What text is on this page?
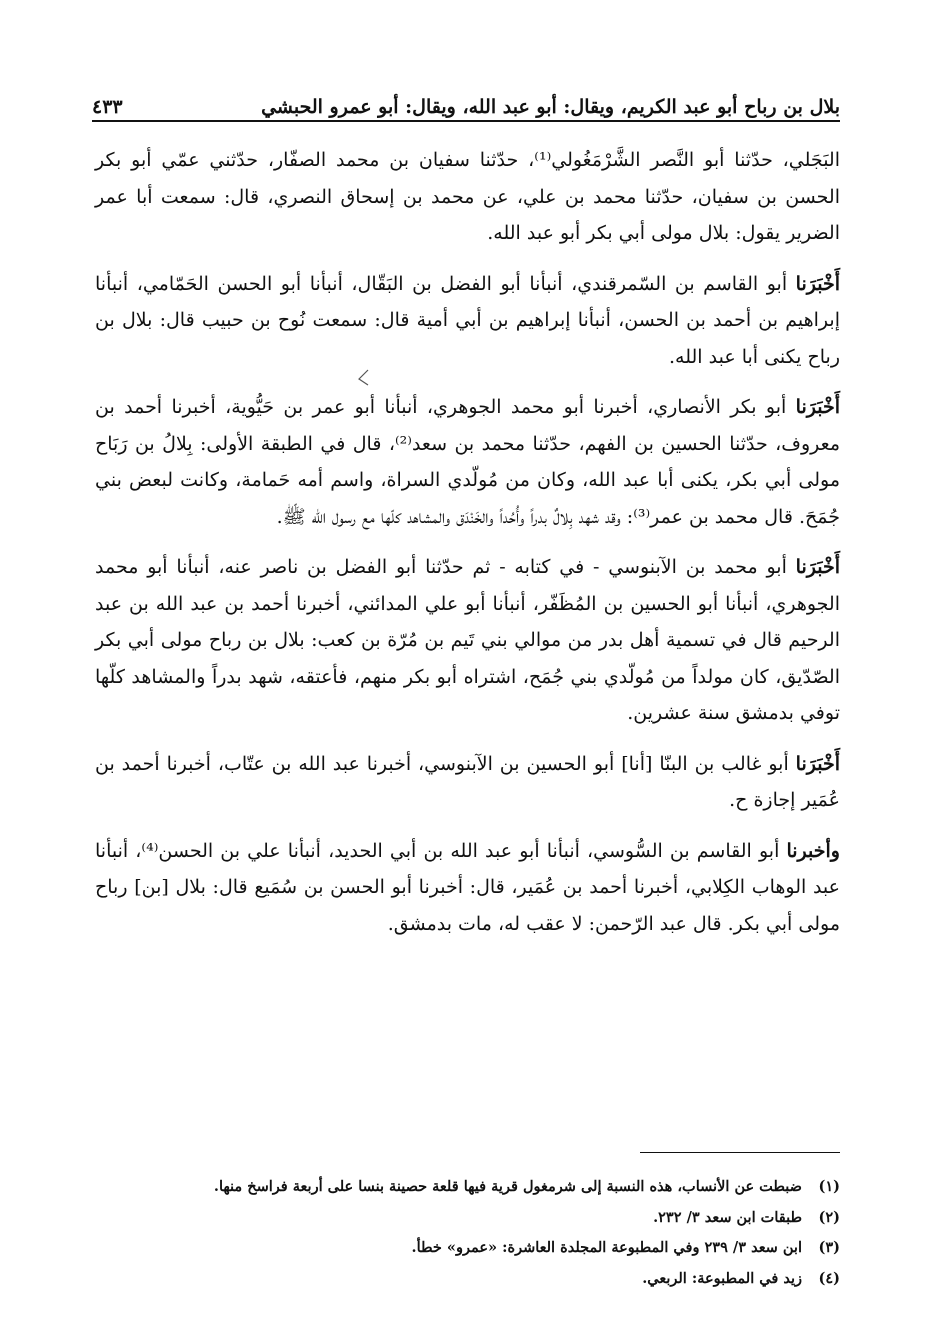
بلال بن رباح أبو عبد الكريم، ويقال: أبو عبد الله، ويقال: أبو عمرو الحبشي
٤٣٣

البَجَلي، حدّثنا أبو النَّصر الشَّرْمَغُولي⁽¹⁾، حدّثنا سفيان بن محمد الصفّار، حدّثني عمّي أبو بكر الحسن بن سفيان، حدّثنا محمد بن علي، عن محمد بن إسحاق النصري، قال: سمعت أبا عمر الضرير يقول: بلال مولى أبي بكر أبو عبد الله.

أَخْبَرَنا أبو القاسم بن السّمرقندي، أنبأنا أبو الفضل بن البَقّال، أنبأنا أبو الحسن الحَمّامي، أنبأنا إبراهيم بن أحمد بن الحسن، أنبأنا إبراهيم بن أبي أمية قال: سمعت نُوح بن حبيب قال: بلال بن رباح يكنى أبا عبد الله.

أَخْبَرَنا أبو بكر الأنصاري، أخبرنا أبو محمد الجوهري، أنبأنا أبو عمر بن حَيُّوية، أخبرنا أحمد بن معروف، حدّثنا الحسين بن الفهم، حدّثنا محمد بن سعد⁽²⁾، قال في الطبقة الأولى: بِلالُ بن رَبَاح مولى أبي بكر، يكنى أبا عبد الله، وكان من مُولّدي السراة، واسم أمه حَمامة، وكانت لبعض بني جُمَحَ. قال محمد بن عمر⁽³⁾: وقد شهد بِلالٌ بدراً وأُحُداً والخَنْدَق والمشاهد كلّها مع رسول الله ﷺ.

أَخْبَرَنا أبو محمد بن الآبنوسي - في كتابه - ثم حدّثنا أبو الفضل بن ناصر عنه، أنبأنا أبو محمد الجوهري، أنبأنا أبو الحسين بن المُظَفّر، أنبأنا أبو علي المدائني، أخبرنا أحمد بن عبد الله بن عبد الرحيم قال في تسمية أهل بدر من موالي بني تَيم بن مُرّة بن كعب: بلال بن رباح مولى أبي بكر الصّدّيق، كان مولداً من مُولّدي بني جُمَح، اشتراه أبو بكر منهم، فأعتقه، شهد بدراً والمشاهد كلّها توفي بدمشق سنة عشرين.

أَخْبَرَنا أبو غالب بن البنّا [أنا] أبو الحسين بن الآبنوسي، أخبرنا عبد الله بن عتّاب، أخبرنا أحمد بن عُمَير إجازة ح.

وأخبرنا أبو القاسم بن السُّوسي، أنبأنا أبو عبد الله بن أبي الحديد، أنبأنا علي بن الحسن⁽⁴⁾، أنبأنا عبد الوهاب الكِلابي، أخبرنا أحمد بن عُمَير، قال: أخبرنا أبو الحسن بن سُمَيع قال: بلال [بن] رباح مولى أبي بكر. قال عبد الرّحمن: لا عقب له، مات بدمشق.

(١)
ضبطت عن الأنساب، هذه النسبة إلى شرمغول قرية فيها قلعة حصينة بنسا على أربعة فراسخ منها.
(٢)
طبقات ابن سعد ٣/ ٢٣٢.
(٣)
ابن سعد ٣/ ٢٣٩ وفي المطبوعة المجلدة العاشرة: «عمرو» خطأ.
(٤)
زيد في المطبوعة: الربعي.
